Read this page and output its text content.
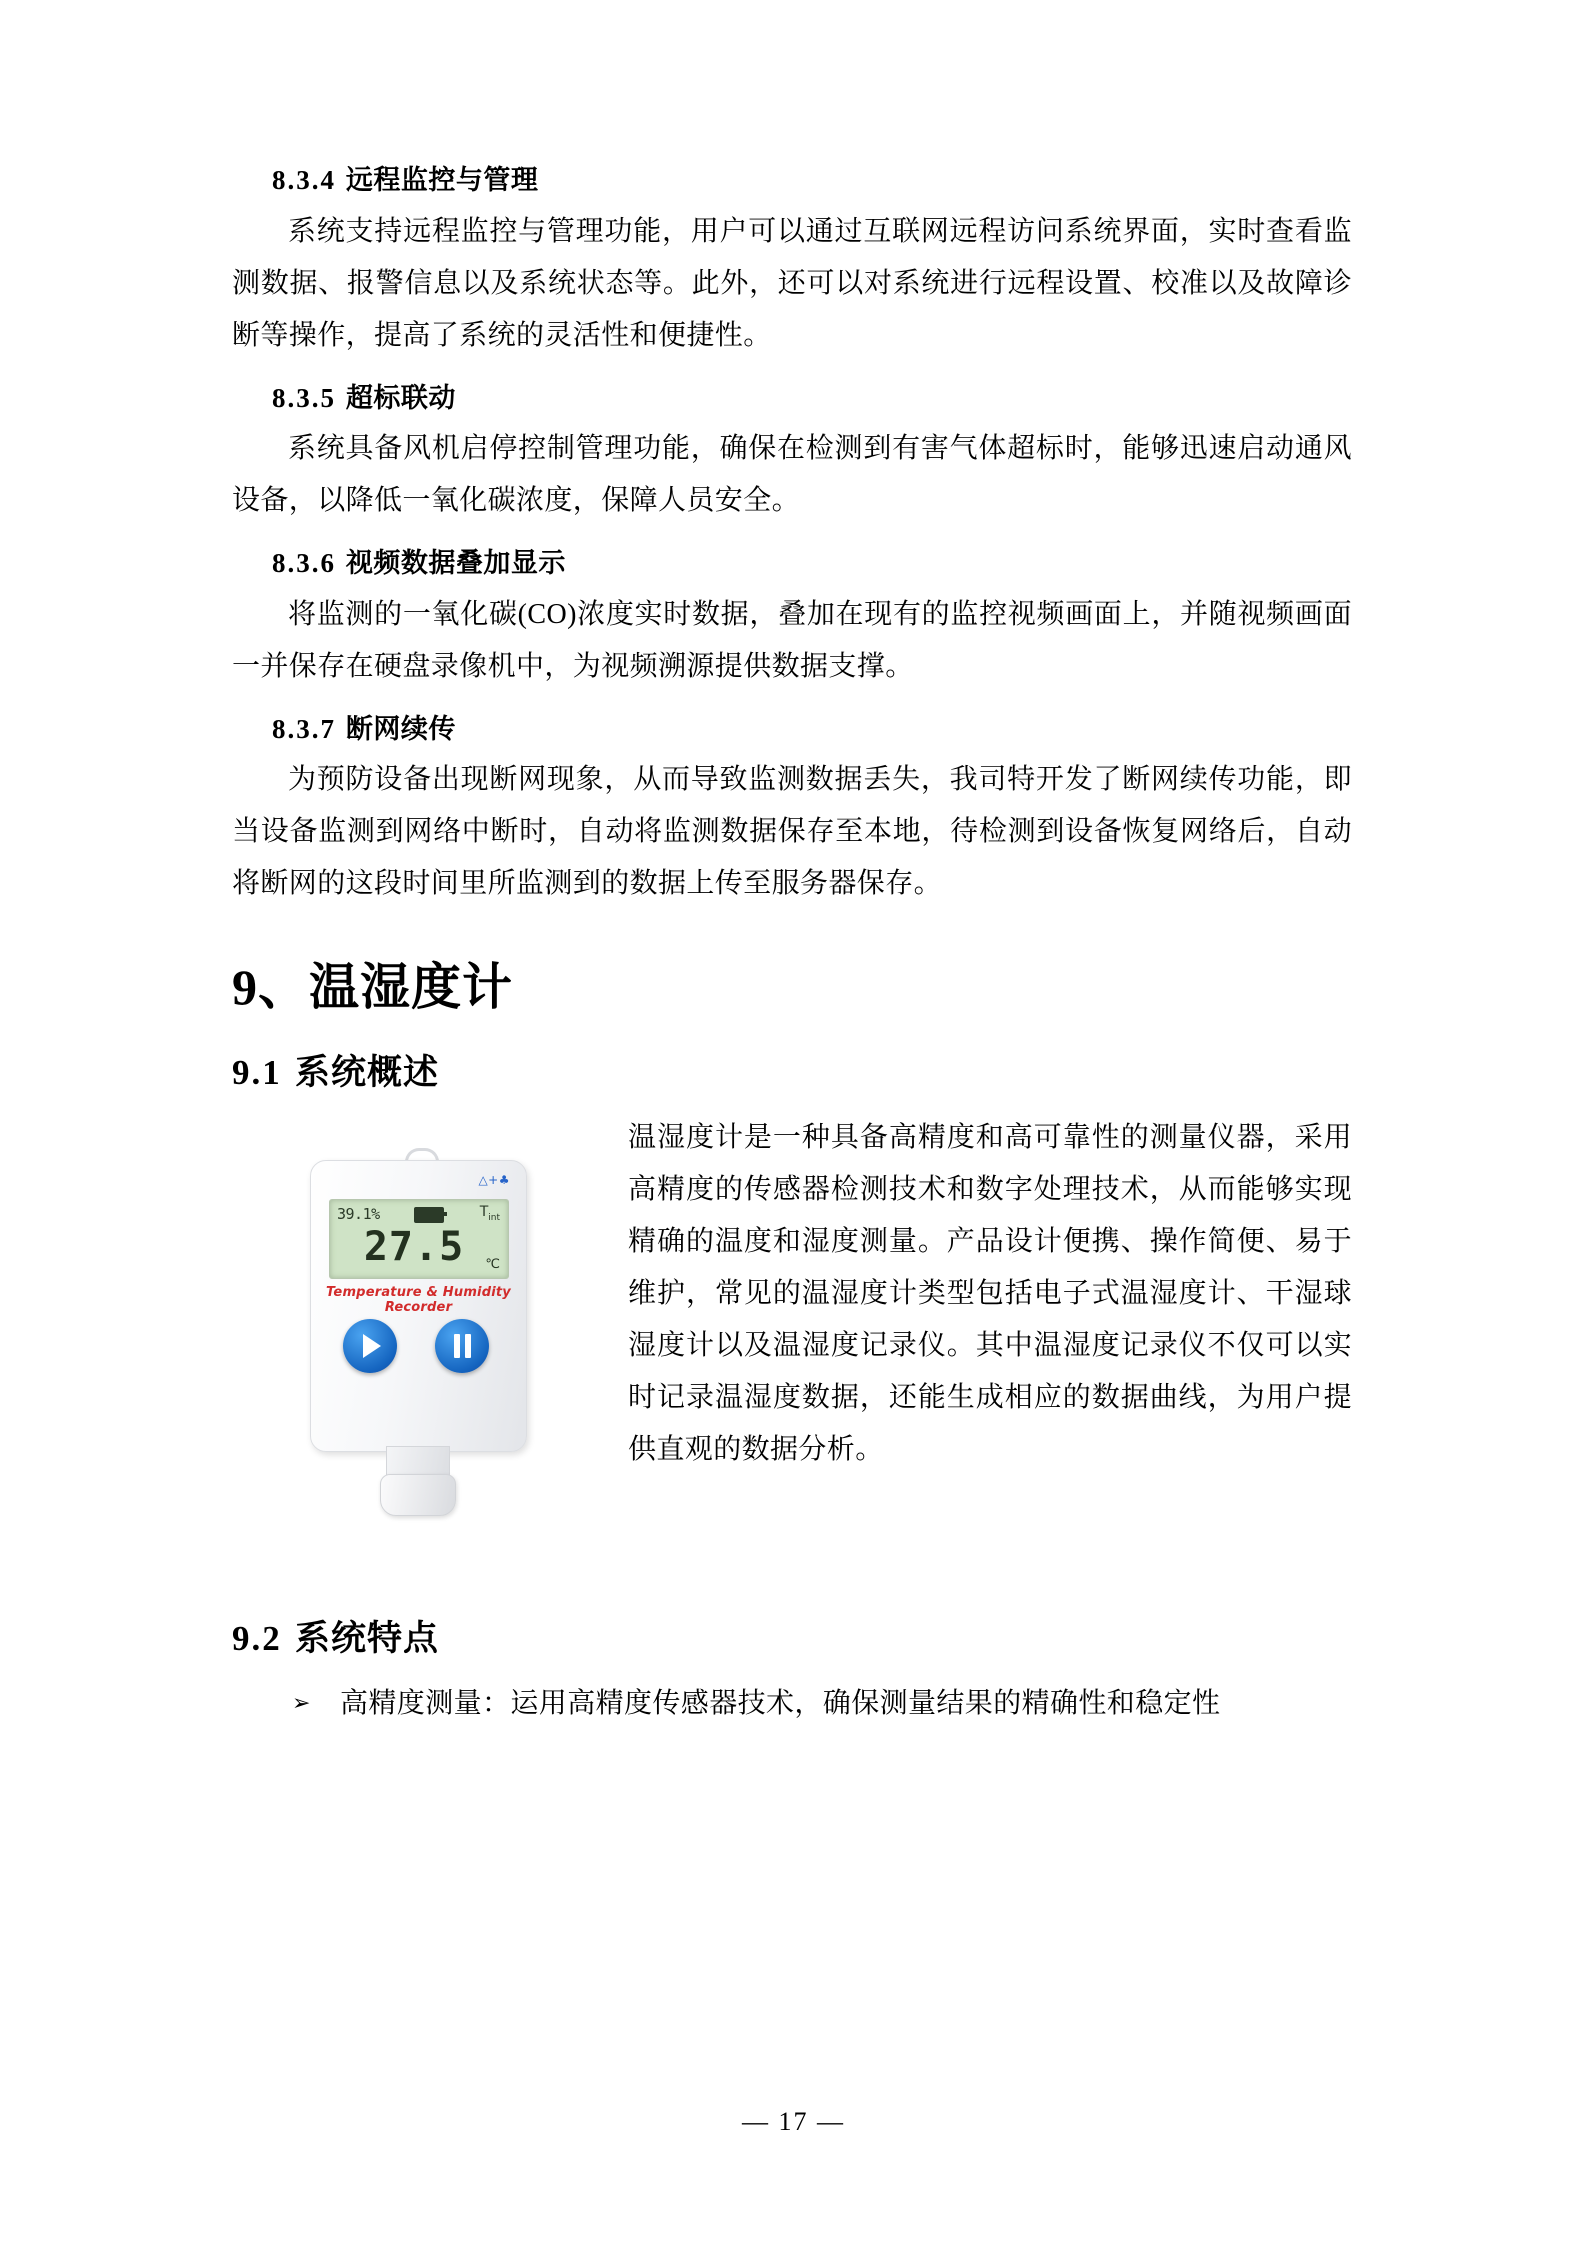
8.3.4 远程监控与管理

系统支持远程监控与管理功能，用户可以通过互联网远程访问系统界面，实时查看监测数据、报警信息以及系统状态等。此外，还可以对系统进行远程设置、校准以及故障诊断等操作，提高了系统的灵活性和便捷性。

8.3.5 超标联动

系统具备风机启停控制管理功能，确保在检测到有害气体超标时，能够迅速启动通风设备，以降低一氧化碳浓度，保障人员安全。

8.3.6 视频数据叠加显示

将监测的一氧化碳(CO)浓度实时数据，叠加在现有的监控视频画面上，并随视频画面一并保存在硬盘录像机中，为视频溯源提供数据支撑。

8.3.7 断网续传

为预防设备出现断网现象，从而导致监测数据丢失，我司特开发了断网续传功能，即当设备监测到网络中断时，自动将监测数据保存至本地，待检测到设备恢复网络后，自动将断网的这段时间里所监测到的数据上传至服务器保存。

9、温湿度计
9.1 系统概述
△+♣
39.1%	$T_{int}$
27.5	℃
Temperature & Humidity Recorder

温湿度计是一种具备高精度和高可靠性的测量仪器，采用高精度的传感器检测技术和数字处理技术，从而能够实现精确的温度和湿度测量。产品设计便携、操作简便、易于维护，常见的温湿度计类型包括电子式温湿度计、干湿球湿度计以及温湿度记录仪。其中温湿度记录仪不仅可以实时记录温湿度数据，还能生成相应的数据曲线，为用户提供直观的数据分析。

9.2 系统特点
➢ 高精度测量：运用高精度传感器技术，确保测量结果的精确性和稳定性
— 17 —
